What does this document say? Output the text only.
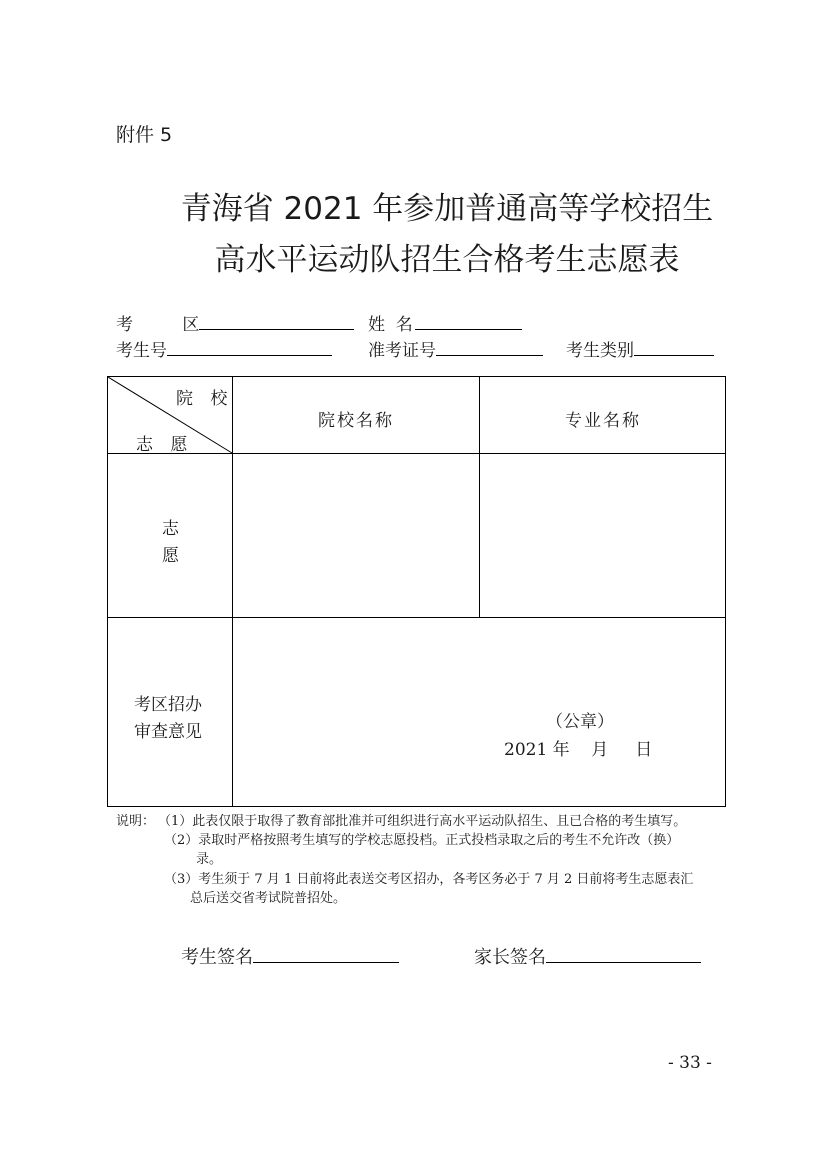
附件 5
青海省 2021 年参加普通高等学校招生
高水平运动队招生合格考生志愿表
考 区	姓  名
考生号	准考证号	考生类别
院 校
志 愿
院校名称	专业名称
志
愿
考区招办
审查意见	（公章）
2021 年    月     日
说明： （1）此表仅限于取得了教育部批准并可组织进行高水平运动队招生、且已合格的考生填写。
（2）录取时严格按照考生填写的学校志愿投档。正式投档录取之后的考生不允许改（换）
录。
（3）考生须于 7 月 1 日前将此表送交考区招办，各考区务必于 7 月 2 日前将考生志愿表汇
总后送交省考试院普招处。
考生签名	家长签名
- 33 -
